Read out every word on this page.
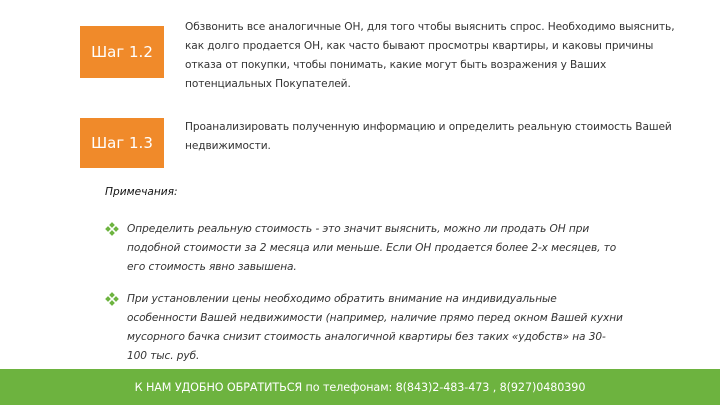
Шаг 1.2
Обзвонить все аналогичные ОН, для того чтобы выяснить спрос. Необходимо выяснить, как долго продается ОН, как часто бывают просмотры квартиры, и каковы причины отказа от покупки, чтобы понимать, какие могут быть возражения у Ваших потенциальных Покупателей.
Шаг 1.3
Проанализировать полученную информацию и определить реальную стоимость Вашей недвижимости.
Примечания:
Определить реальную стоимость - это значит выяснить, можно ли продать ОН при подобной стоимости за 2 месяца или меньше. Если ОН продается более 2-х месяцев, то его стоимость явно завышена.
При установлении цены необходимо обратить внимание на индивидуальные особенности Вашей недвижимости (например, наличие прямо перед окном Вашей кухни мусорного бачка снизит стоимость аналогичной квартиры без таких «удобств» на 30-100 тыс. руб.
К НАМ УДОБНО ОБРАТИТЬСЯ по телефонам: 8(843)2-483-473 , 8(927)0480390
